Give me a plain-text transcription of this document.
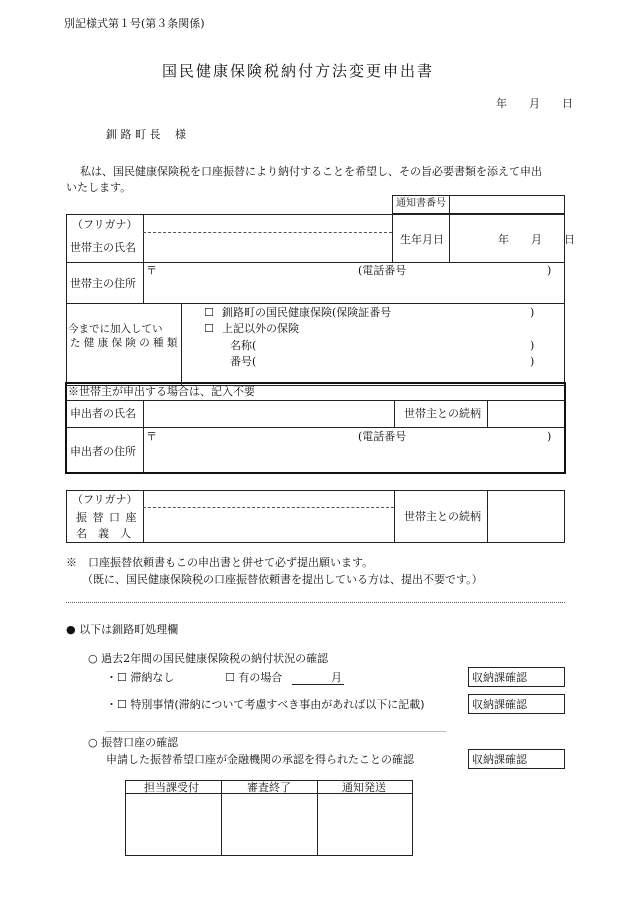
別記様式第１号(第３条関係)
国民健康保険税納付方法変更申出書
年　　月　　日
釧 路 町 長　 様
私は、国民健康保険税を口座振替により納付することを希望し、その旨必要書類を添えて申出
いたします。
通知書番号
（フリガナ）
世帯主の氏名
生年月日	年　　月　　日
世帯主の住所
〒	(電話番号	)
今までに加入してい
た 健 康 保 険 の 種 類
☐ 釧路町の国民健康保険(保険証番号	)
☐ 上記以外の保険
名称(	)
番号(	)
※世帯主が申出する場合は、記入不要
申出者の氏名	世帯主との続柄
申出者の住所
〒	(電話番号	)
（フリガナ）
振 替 口 座
名　義　人
世帯主との続柄
※　口座振替依頼書もこの申出書と併せて必ず提出願います。
（既に、国民健康保険税の口座振替依頼書を提出している方は、提出不要です。）
● 以下は釧路町処理欄
○ 過去2年間の国民健康保険税の納付状況の確認
・☐ 滞納なし	☐ 有の場合	月	収納課確認
・☐ 特別事情(滞納について考慮すべき事由があれば以下に記載)	収納課確認
○ 振替口座の確認
申請した振替希望口座が金融機関の承認を得られたことの確認	収納課確認
担当課受付	審査終了	通知発送
